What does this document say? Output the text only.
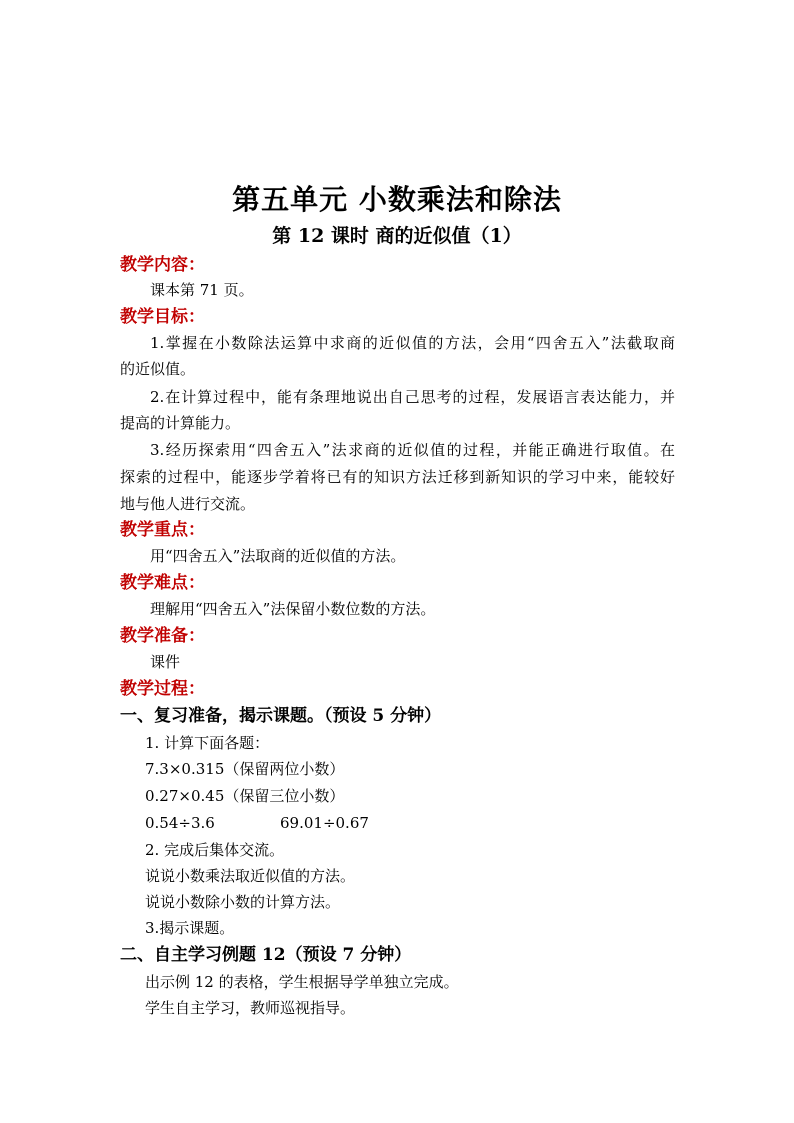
第五单元 小数乘法和除法
第 12 课时 商的近似值（1）
教学内容：
课本第 71 页。
教学目标：
1.掌握在小数除法运算中求商的近似值的方法，会用“四舍五入”法截取商
的近似值。
2.在计算过程中，能有条理地说出自己思考的过程，发展语言表达能力，并
提高的计算能力。
3.经历探索用“四舍五入”法求商的近似值的过程，并能正确进行取值。在
探索的过程中，能逐步学着将已有的知识方法迁移到新知识的学习中来，能较好
地与他人进行交流。
教学重点：
用“四舍五入”法取商的近似值的方法。
教学难点：
理解用“四舍五入”法保留小数位数的方法。
教学准备：
课件
教学过程：
一、复习准备，揭示课题。（预设 5 分钟）
1. 计算下面各题：
7.3×0.315（保留两位小数）
0.27×0.45（保留三位小数）
0.54÷3.6	69.01÷0.67
2. 完成后集体交流。
说说小数乘法取近似值的方法。
说说小数除小数的计算方法。
3.揭示课题。
二、自主学习例题 12（预设 7 分钟）
出示例 12 的表格，学生根据导学单独立完成。
学生自主学习，教师巡视指导。
